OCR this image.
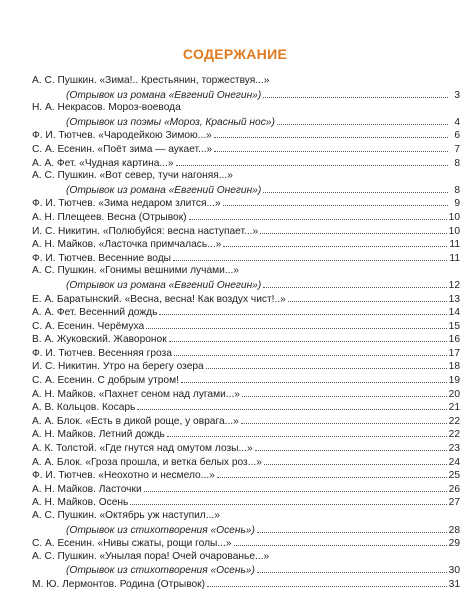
СОДЕРЖАНИЕ
А. С. Пушкин. «Зима!.. Крестьянин, торжествуя...»
(Отрывок из романа «Евгений Онегин»)	3
Н. А. Некрасов. Мороз-воевода
(Отрывок из поэмы «Мороз, Красный нос»)	4
Ф. И. Тютчев. «Чародейкою Зимою...»	6
С. А. Есенин. «Поёт зима — аукает...»	7
А. А. Фет. «Чудная картина...»	8
А. С. Пушкин. «Вот север, тучи нагоняя...»
(Отрывок из романа «Евгений Онегин»)	8
Ф. И. Тютчев. «Зима недаром злится...»	9
А. Н. Плещеев. Весна (Отрывок)	10
И. С. Никитин. «Полюбуйся: весна наступает...»	10
А. Н. Майков. «Ласточка примчалась...»	11
Ф. И. Тютчев. Весенние воды	11
А. С. Пушкин. «Гонимы вешними лучами...»
(Отрывок из романа «Евгений Онегин»)	12
Е. А. Баратынский. «Весна, весна! Как воздух чист!..»	13
А. А. Фет. Весенний дождь	14
С. А. Есенин. Черёмуха	15
В. А. Жуковский. Жаворонок	16
Ф. И. Тютчев. Весенняя гроза	17
И. С. Никитин. Утро на берегу озера	18
С. А. Есенин. С добрым утром!	19
А. Н. Майков. «Пахнет сеном над лугами...»	20
А. В. Кольцов. Косарь	21
А. А. Блок. «Есть в дикой роще, у оврага...»	22
А. Н. Майков. Летний дождь	22
А. К. Толстой. «Где гнутся над омутом лозы...»	23
А. А. Блок. «Гроза прошла, и ветка белых роз...»	24
Ф. И. Тютчев. «Неохотно и несмело...»	25
А. Н. Майков. Ласточки	26
А. Н. Майков. Осень	27
А. С. Пушкин. «Октябрь уж наступил...»
(Отрывок из стихотворения «Осень»)	28
С. А. Есенин. «Нивы сжаты, рощи голы...»	29
А. С. Пушкин. «Унылая пора! Очей очарованье...»
(Отрывок из стихотворения «Осень»)	30
М. Ю. Лермонтов. Родина (Отрывок)	31
